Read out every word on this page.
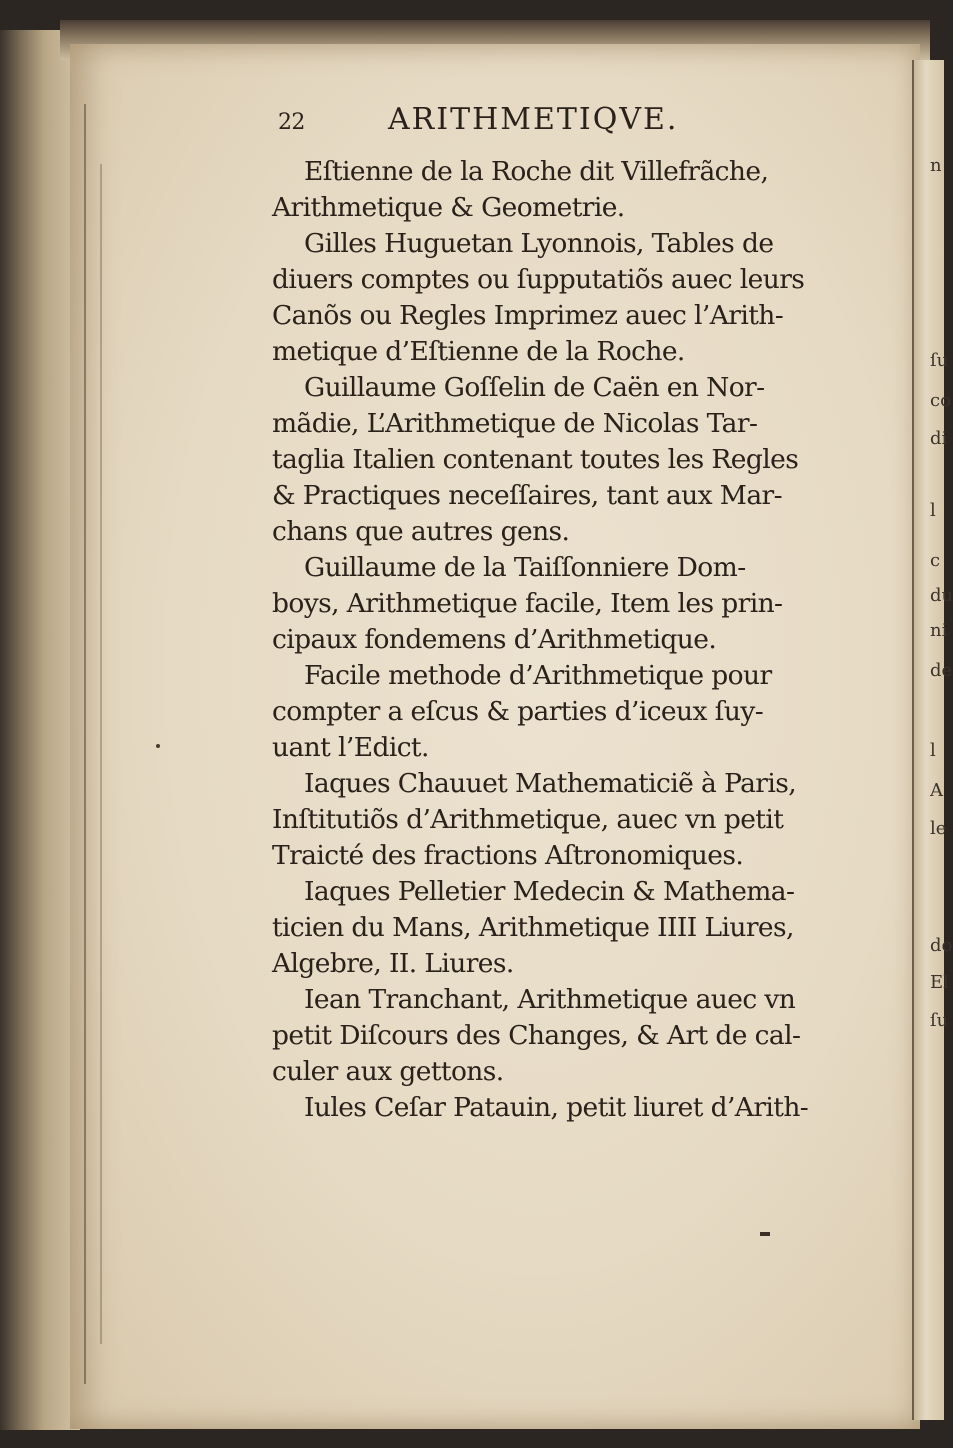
n
ſu
co
di
l
c
du
ni
de
l
A
le
do
El
ſu
22	ARITHMETIQVE.
Eſtienne de la Roche dit Villefrãche,
Arithmetique & Geometrie.
Gilles Huguetan Lyonnois, Tables de
diuers comptes ou ſupputatiõs auec leurs
Canõs ou Regles Imprimez auec l’Arith-
metique d’Eſtienne de la Roche.
Guillaume Goſſelin de Caën en Nor-
mãdie, L’Arithmetique de Nicolas Tar-
taglia Italien contenant toutes les Regles
& Practiques neceſſaires, tant aux Mar-
chans que autres gens.
Guillaume de la Taiſſonniere Dom-
boys, Arithmetique facile, Item les prin-
cipaux fondemens d’Arithmetique.
Facile methode d’Arithmetique pour
compter a eſcus & parties d’iceux ſuy-
uant l’Edict.
Iaques Chauuet Mathematiciẽ à Paris,
Inſtitutiõs d’Arithmetique, auec vn petit
Traicté des fractions Aſtronomiques.
Iaques Pelletier Medecin & Mathema-
ticien du Mans, Arithmetique IIII Liures,
Algebre, II. Liures.
Iean Tranchant, Arithmetique auec vn
petit Diſcours des Changes, & Art de cal-
culer aux gettons.
Iules Ceſar Patauin, petit liuret d’Arith-
